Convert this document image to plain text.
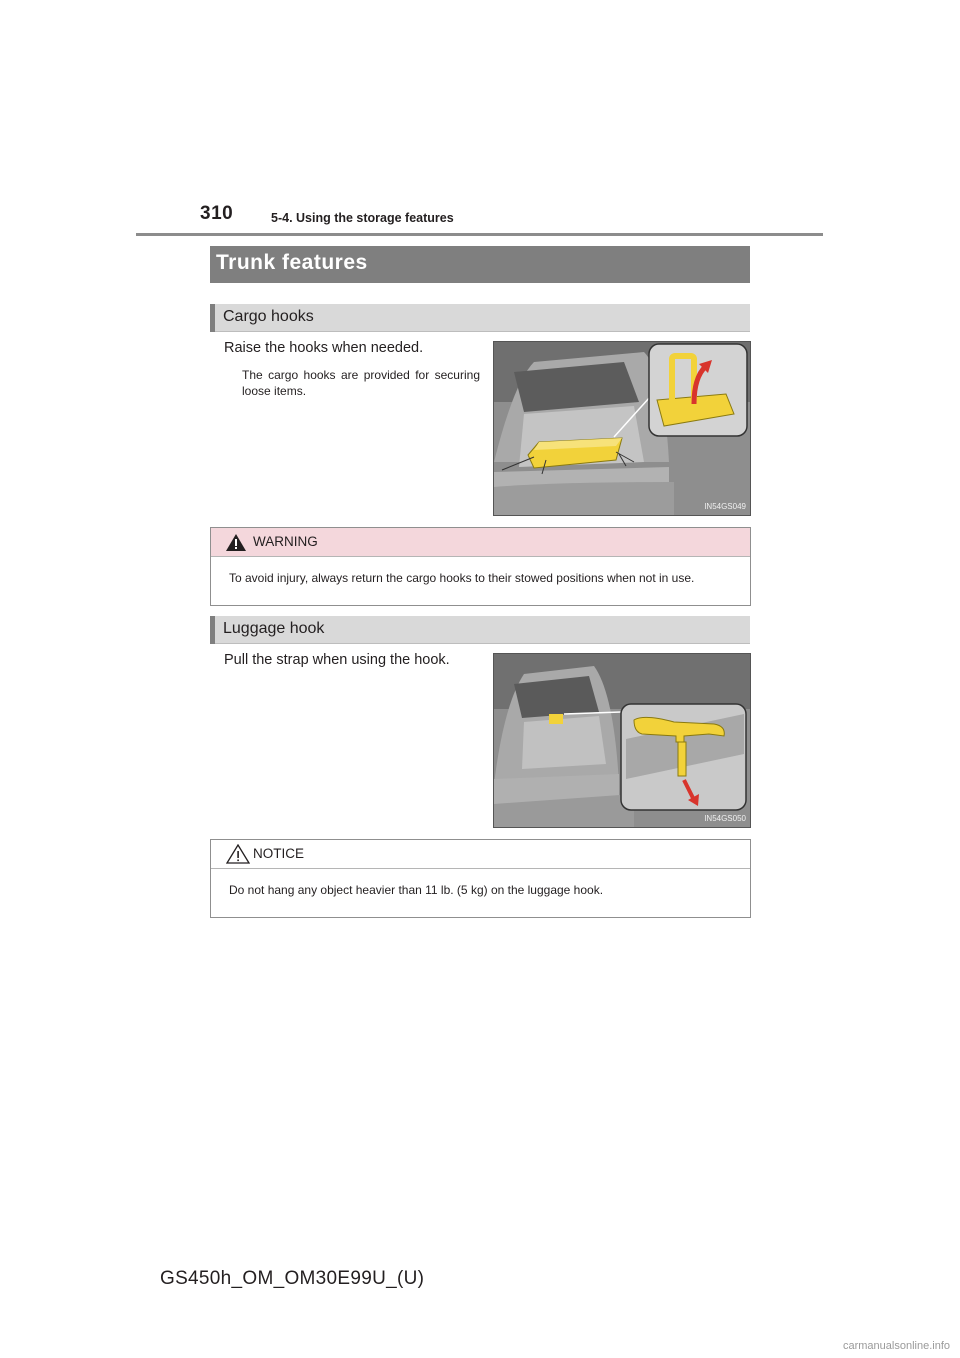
310	5-4. Using the storage features
Trunk features
Cargo hooks
Raise the hooks when needed.
The cargo hooks are provided for securing loose items.
IN54GS049
WARNING
To avoid injury, always return the cargo hooks to their stowed positions when not in use.
Luggage hook
Pull the strap when using the hook.
IN54GS050
NOTICE
Do not hang any object heavier than 11 lb. (5 kg) on the luggage hook.
GS450h_OM_OM30E99U_(U)
carmanualsonline.info
